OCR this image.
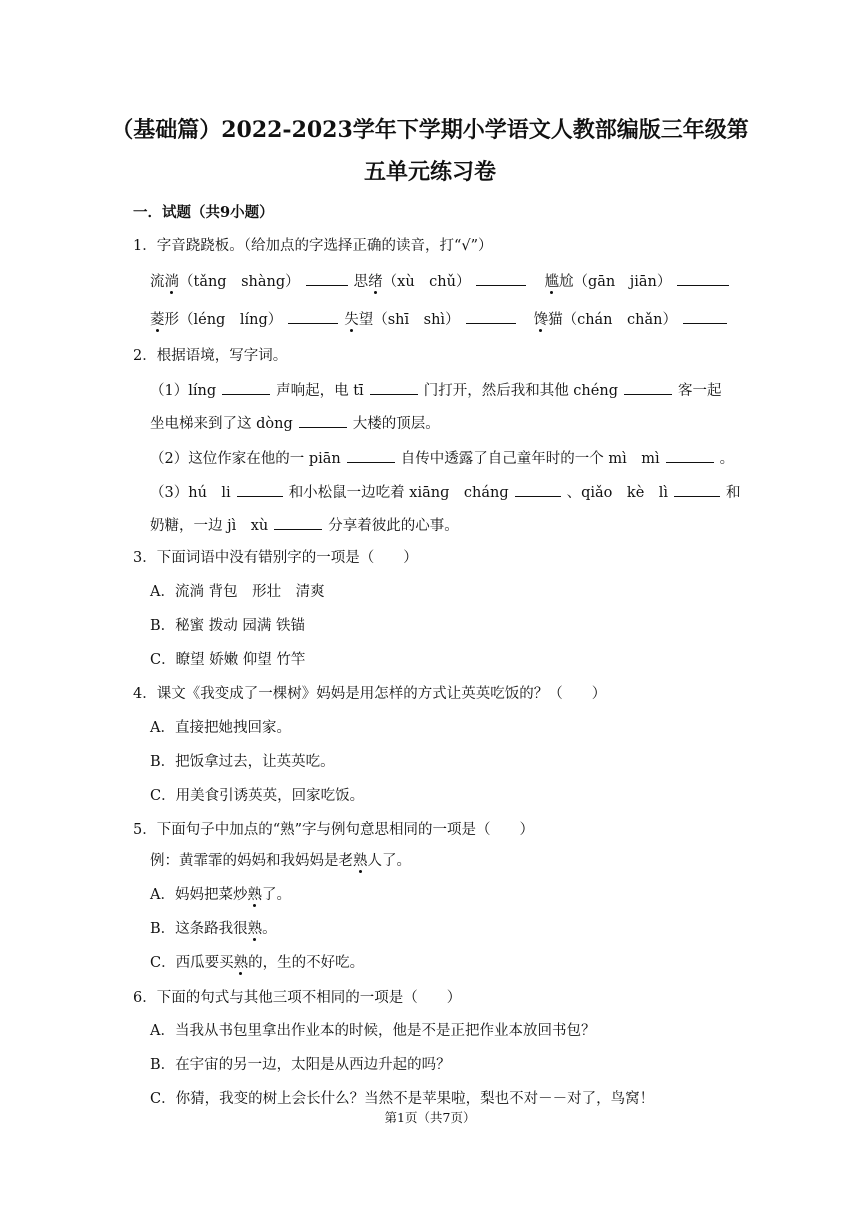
（基础篇）2022-2023学年下学期小学语文人教部编版三年级第
五单元练习卷
一．试题（共9小题）
1．字音跷跷板。（给加点的字选择正确的读音，打“√”）
流淌（tǎng　shàng）	思绪（xù　chǔ）	尴尬（gān　jiān）
菱形（léng　líng）	失望（shī　shì）	馋猫（chán　chǎn）
2．根据语境，写字词。
（1）líng	声响起，电 tī	门打开，然后我和其他 chéng	客一起
坐电梯来到了这 dòng	大楼的顶层。
（2）这位作家在他的一 piān	自传中透露了自己童年时的一个 mì　mì	。
（3）hú　li	和小松鼠一边吃着 xiānɡ　chánɡ	、qiǎo　kè　lì	和
奶糖，一边 jì　xù	分享着彼此的心事。
3．下面词语中没有错别字的一项是（　　）
A．流淌 背包　形壮　清爽
B．秘蜜 拨动 园满 铁锚
C．瞭望 娇嫩 仰望 竹竿
4．课文《我变成了一棵树》妈妈是用怎样的方式让英英吃饭的？（　　）
A．直接把她拽回家。
B．把饭拿过去，让英英吃。
C．用美食引诱英英，回家吃饭。
5．下面句子中加点的“熟”字与例句意思相同的一项是（　　）
例：黄霏霏的妈妈和我妈妈是老熟人了。
A．妈妈把菜炒熟了。
B．这条路我很熟。
C．西瓜要买熟的，生的不好吃。
6．下面的句式与其他三项不相同的一项是（　　）
A．当我从书包里拿出作业本的时候，他是不是正把作业本放回书包？
B．在宇宙的另一边，太阳是从西边升起的吗？
C．你猜，我变的树上会长什么？当然不是苹果啦，梨也不对－－对了，鸟窝！
第1页（共7页）
